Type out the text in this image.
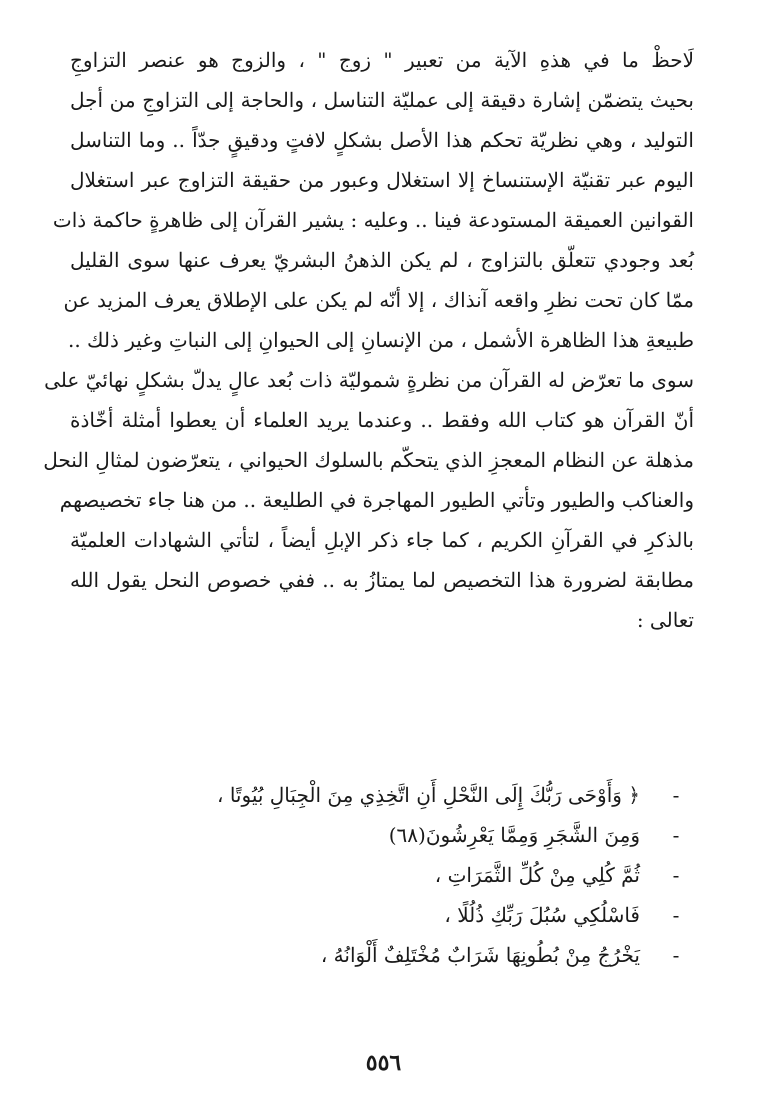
لَاحظْ ما في هذهِ الآية من تعبير " زوج " ، والزوج هو عنصر التزاوجِ
بحيث يتضمّن إشارة دقيقة إلى عمليّة التناسل ، والحاجة إلى التزاوجِ من أجل
التوليد ، وهي نظريّة تحكم هذا الأصل بشكلٍ لافتٍ ودقيقٍ جدّاً .. وما التناسل
اليوم عبر تقنيّة الإستنساخ إلا استغلال وعبور من حقيقة التزاوج عبر استغلال
القوانين العميقة المستودعة فينا .. وعليه : يشير القرآن إلى ظاهرةٍ حاكمة ذات
بُعد وجودي تتعلّق بالتزاوج ، لم يكن الذهنُ البشريّ يعرف عنها سوى القليل
ممّا كان تحت نظرِ واقعه آنذاك ، إلا أنّه لم يكن على الإطلاق يعرف المزيد عن
طبيعةِ هذا الظاهرة الأشمل ، من الإنسانِ إلى الحيوانِ إلى النباتِ وغير ذلك ..
سوى ما تعرّض له القرآن من نظرةٍ شموليّة ذات بُعد عالٍ يدلّ بشكلٍ نهائيّ على
أنّ القرآن هو كتاب الله وفقط .. وعندما يريد العلماء أن يعطوا أمثلة أخّاذة
مذهلة عن النظام المعجزِ الذي يتحكّم بالسلوك الحيواني ، يتعرّضون لمثالِ النحل
والعناكب والطيور وتأتي الطيور المهاجرة في الطليعة .. من هنا جاء تخصيصهم
بالذكرِ في القرآنِ الكريم ، كما جاء ذكر الإبلِ أيضاً ، لتأتي الشهادات العلميّة
مطابقة لضرورة هذا التخصيص لما يمتازُ به .. ففي خصوص النحل يقول الله
تعالى :
﴿ وَأَوْحَى رَبُّكَ إِلَى النَّحْلِ أَنِ اتَّخِذِي مِنَ الْجِبَالِ بُيُوتًا ،	-
وَمِنَ الشَّجَرِ وَمِمَّا يَعْرِشُونَ(٦٨)	-
ثُمَّ كُلِي مِنْ كُلِّ الثَّمَرَاتِ ،	-
فَاسْلُكِي سُبُلَ رَبِّكِ ذُلُلًا ،	-
يَخْرُجُ مِنْ بُطُونِهَا شَرَابٌ مُخْتَلِفٌ أَلْوَانُهُ ،	-
٥٥٦
